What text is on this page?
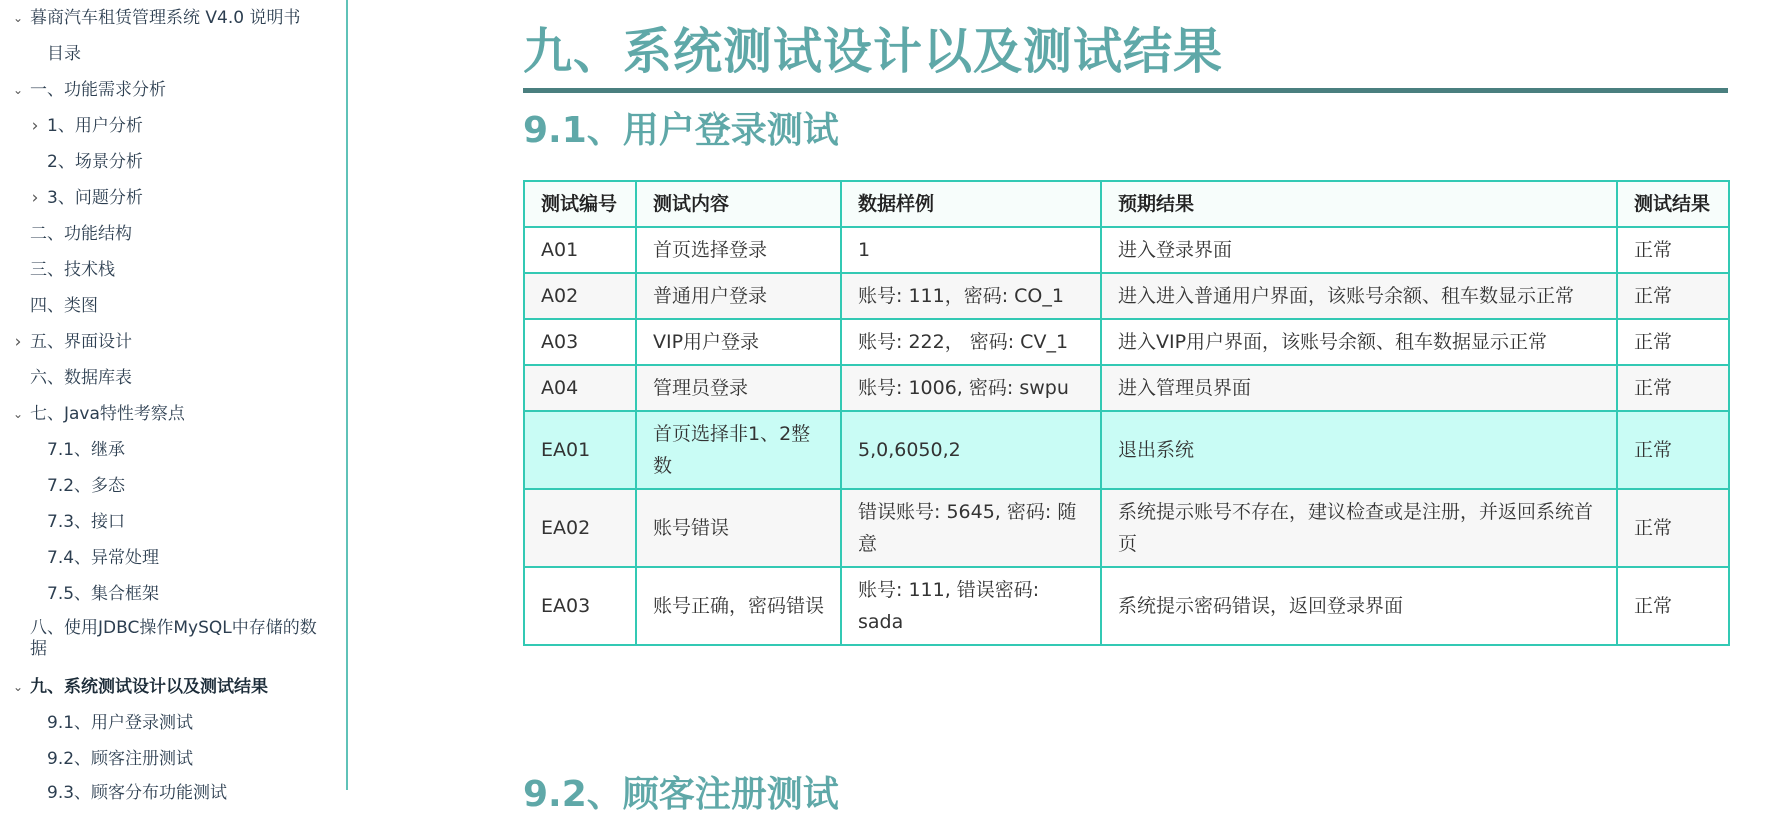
⌄ 暮商汽车租赁管理系统 V4.0 说明书
目录
⌄ 一、功能需求分析
› 1、用户分析
2、场景分析
› 3、问题分析
二、功能结构
三、技术栈
四、类图
› 五、界面设计
六、数据库表
⌄ 七、Java特性考察点
7.1、继承
7.2、多态
7.3、接口
7.4、异常处理
7.5、集合框架
八、使用JDBC操作MySQL中存储的数据
⌄ 九、系统测试设计以及测试结果
9.1、用户登录测试
9.2、顾客注册测试
9.3、顾客分布功能测试
九、系统测试设计以及测试结果
9.1、用户登录测试
测试编号	测试内容	数据样例	预期结果	测试结果
A01	首页选择登录	1	进入登录界面	正常
A02	普通用户登录	账号: 111，密码: CO_1	进入进入普通用户界面，该账号余额、租车数显示正常	正常
A03	VIP用户登录	账号: 222， 密码: CV_1	进入VIP用户界面，该账号余额、租车数据显示正常	正常
A04	管理员登录	账号: 1006, 密码: swpu	进入管理员界面	正常
EA01	首页选择非1、2整数	5,0,6050,2	退出系统	正常
EA02	账号错误	错误账号: 5645, 密码: 随意	系统提示账号不存在，建议检查或是注册，并返回系统首页	正常
EA03	账号正确，密码错误	账号: 111, 错误密码: sada	系统提示密码错误，返回登录界面	正常
9.2、顾客注册测试
